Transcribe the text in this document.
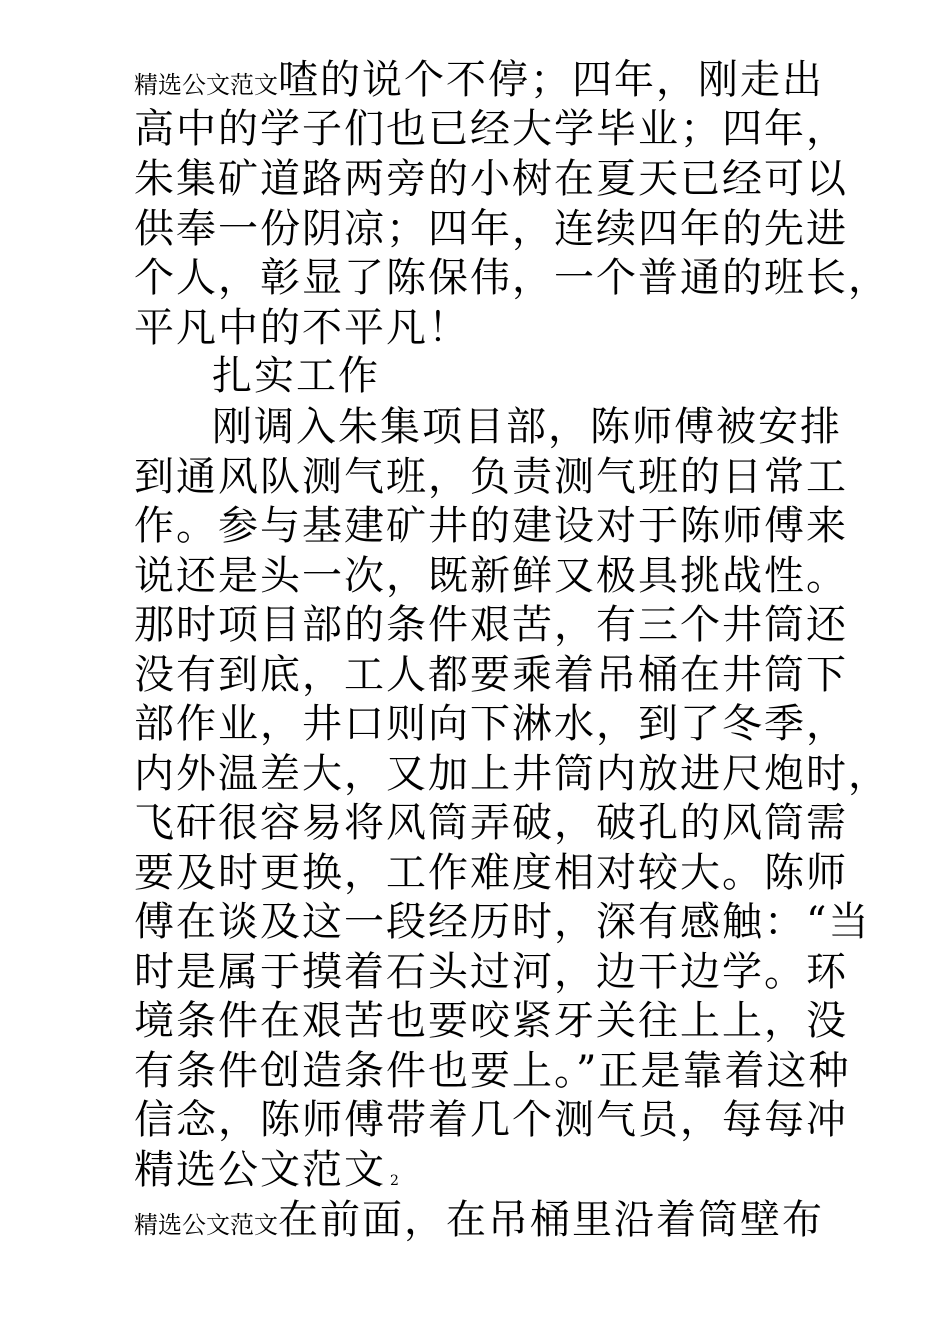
精选公文范文喳的说个不停；四年，刚走出
高中的学子们也已经大学毕业；四年，
朱集矿道路两旁的小树在夏天已经可以
供奉一份阴凉；四年，连续四年的先进
个人，彰显了陈保伟，一个普通的班长，
平凡中的不平凡！
扎实工作
刚调入朱集项目部，陈师傅被安排
到通风队测气班，负责测气班的日常工
作。参与基建矿井的建设对于陈师傅来
说还是头一次，既新鲜又极具挑战性。
那时项目部的条件艰苦，有三个井筒还
没有到底，工人都要乘着吊桶在井筒下
部作业，井口则向下淋水，到了冬季，
内外温差大，又加上井筒内放进尺炮时，
飞矸很容易将风筒弄破，破孔的风筒需
要及时更换，工作难度相对较大。陈师
傅在谈及这一段经历时，深有感触：“当
时是属于摸着石头过河，边干边学。环
境条件在艰苦也要咬紧牙关往上上，没
有条件创造条件也要上。”正是靠着这种
信念，陈师傅带着几个测气员，每每冲
精选公文范文 2
精选公文范文在前面，在吊桶里沿着筒壁布
